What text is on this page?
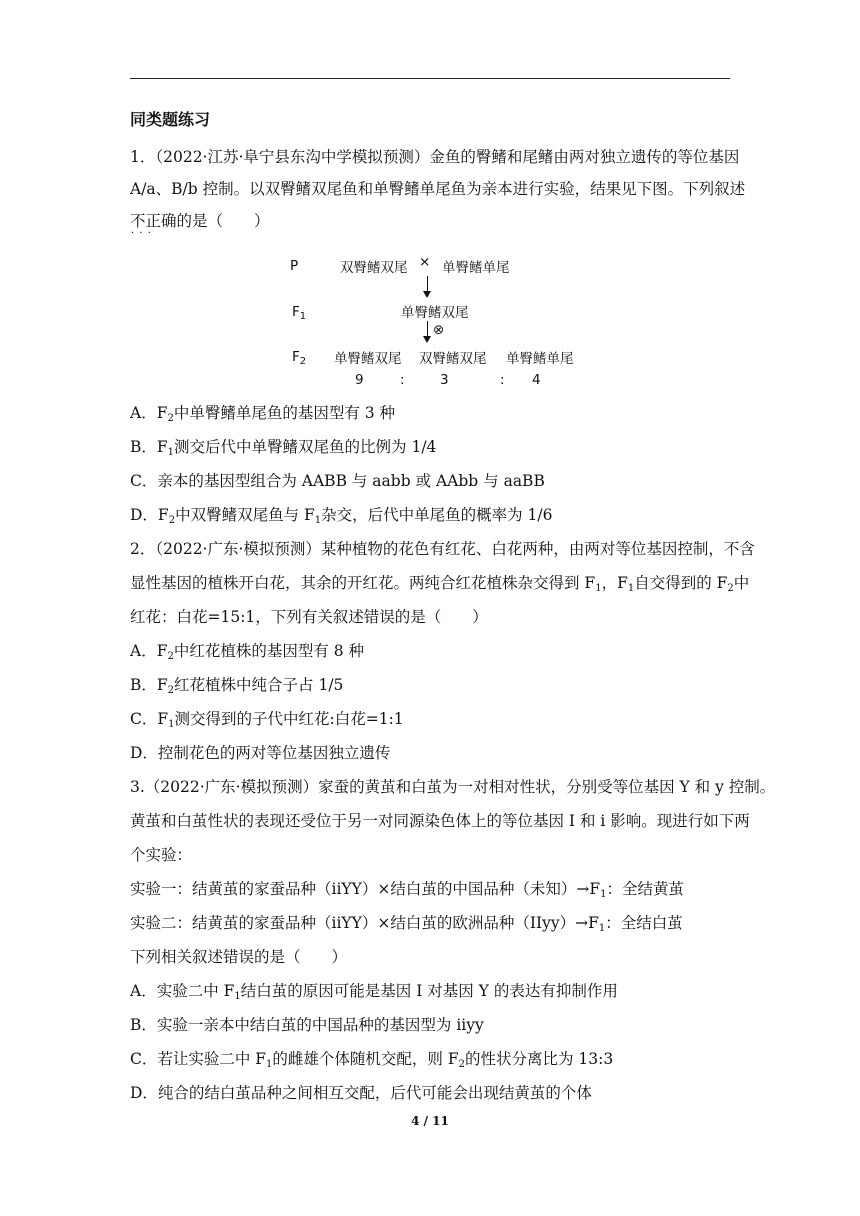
同类题练习
1．（2022·江苏·阜宁县东沟中学模拟预测）金鱼的臀鳍和尾鳍由两对独立遗传的等位基因
A/a、B/b 控制。以双臀鳍双尾鱼和单臀鳍单尾鱼为亲本进行实验，结果见下图。下列叙述
不正确 · · ·的是（　　）
P	双臀鳍双尾 × 单臀鳍单尾
$F_1$	单臀鳍双尾
⊗
$F_2$ 单臀鳍双尾 双臀鳍双尾 单臀鳍单尾
9	:	3	: 4
A．$F_2$中单臀鳍单尾鱼的基因型有 3 种
B．$F_1$测交后代中单臀鳍双尾鱼的比例为 1/4
C．亲本的基因型组合为 AABB 与 aabb 或 AAbb 与 aaBB
D．$F_2$中双臀鳍双尾鱼与 $F_1$杂交，后代中单尾鱼的概率为 1/6
2．（2022·广东·模拟预测）某种植物的花色有红花、白花两种，由两对等位基因控制，不含
显性基因的植株开白花，其余的开红花。两纯合红花植株杂交得到 $F_1$，$F_1$自交得到的 $F_2$中
红花：白花=15:1，下列有关叙述错误的是（　　）
A．$F_2$中红花植株的基因型有 8 种
B．$F_2$红花植株中纯合子占 1/5
C．$F_1$测交得到的子代中红花:白花=1:1
D．控制花色的两对等位基因独立遗传
3.（2022·广东·模拟预测）家蚕的黄茧和白茧为一对相对性状，分别受等位基因 Y 和 y 控制。
黄茧和白茧性状的表现还受位于另一对同源染色体上的等位基因 I 和 i 影响。现进行如下两
个实验：
实验一：结黄茧的家蚕品种（iiYY）×结白茧的中国品种（未知）$\to F_1$：全结黄茧
实验二：结黄茧的家蚕品种（iiYY）×结白茧的欧洲品种$(IIyy)\to F_1$：全结白茧
下列相关叙述错误的是（　　）
A．实验二中 $F_1$结白茧的原因可能是基因 I 对基因 Y 的表达有抑制作用
B．实验一亲本中结白茧的中国品种的基因型为 iiyy
C．若让实验二中 $F_1$的雌雄个体随机交配，则 $F_2$的性状分离比为 13:3
D．纯合的结白茧品种之间相互交配，后代可能会出现结黄茧的个体
4 / 11
